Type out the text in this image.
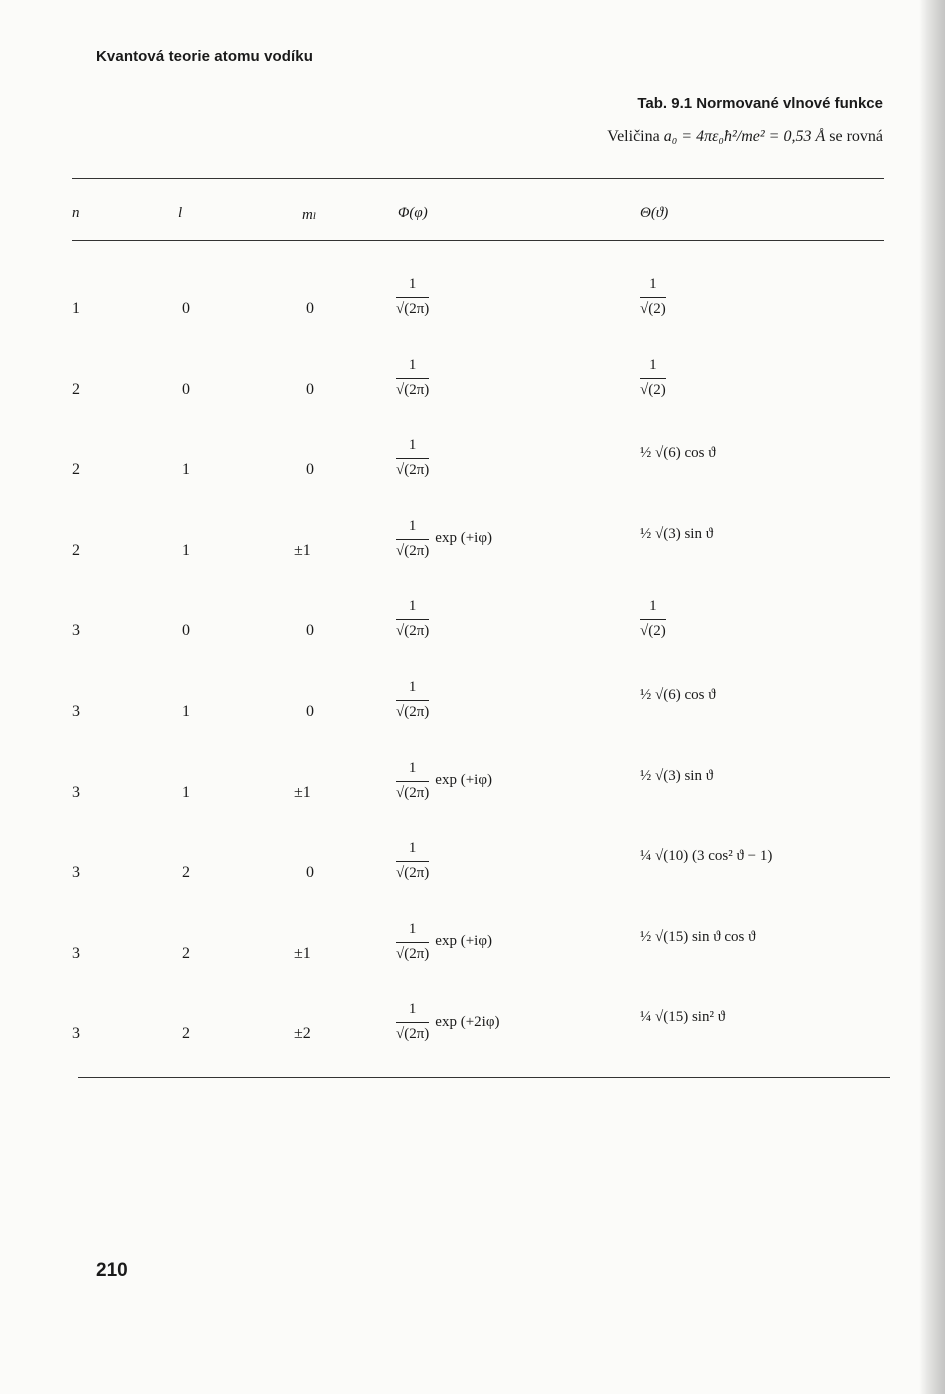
Kvantová teorie atomu vodíku
Tab. 9.1 Normované vlnové funkce
Veličina a₀ = 4πε₀ħ²/me² = 0,53 Å se rovná
n	l	mₗ	Φ(φ)	Θ(ϑ)
1	0	0	$\frac{1}{√(2\pi)}$	$\frac{1}{√(2)}$
2	0	0	$\frac{1}{√(2\pi)}$	$\frac{1}{√(2)}$
2	1	0	$\frac{1}{√(2\pi)}$	½ √(6) cos ϑ
2	1	±1	$\frac{1}{√(2\pi)}$ exp (+iφ)	½ √(3) sin ϑ
3	0	0	$\frac{1}{√(2\pi)}$	$\frac{1}{√(2)}$
3	1	0	$\frac{1}{√(2\pi)}$	½ √(6) cos ϑ
3	1	±1	$\frac{1}{√(2\pi)}$ exp (+iφ)	½ √(3) sin ϑ
3	2	0	$\frac{1}{√(2\pi)}$	¼ √(10) (3 cos² ϑ − 1)
3	2	±1	$\frac{1}{√(2\pi)}$ exp (+iφ)	½ √(15) sin ϑ cos ϑ
3	2	±2	$\frac{1}{√(2\pi)}$ exp (+2iφ)	¼ √(15) sin² ϑ
210
